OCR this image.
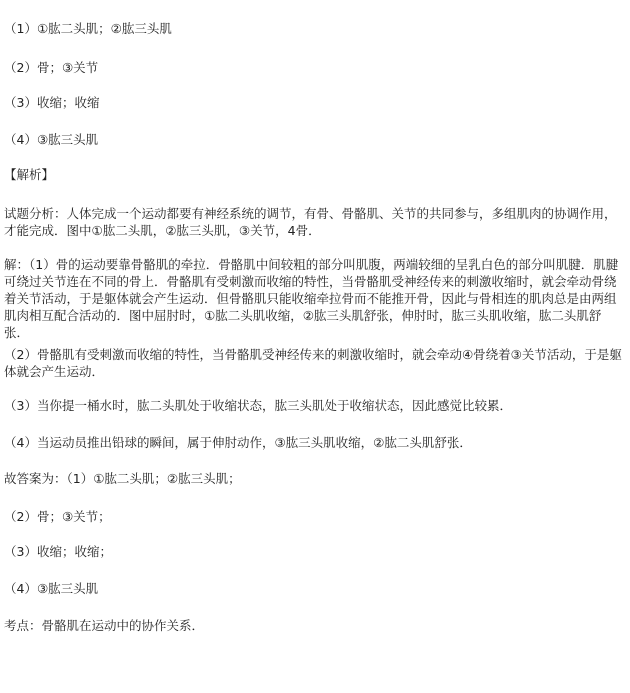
（1）①肱二头肌；②肱三头肌
（2）骨；③关节
（3）收缩；收缩
（4）③肱三头肌
【解析】
试题分析：人体完成一个运动都要有神经系统的调节，有骨、骨骼肌、关节的共同参与，多组肌肉的协调作用，才能完成．图中①肱二头肌，②肱三头肌，③关节，4骨．
解：（1）骨的运动要靠骨骼肌的牵拉．骨骼肌中间较粗的部分叫肌腹，两端较细的呈乳白色的部分叫肌腱．肌腱可绕过关节连在不同的骨上．骨骼肌有受刺激而收缩的特性，当骨骼肌受神经传来的刺激收缩时，就会牵动骨绕着关节活动，于是躯体就会产生运动．但骨骼肌只能收缩牵拉骨而不能推开骨，因此与骨相连的肌肉总是由两组肌肉相互配合活动的．图中屈肘时，①肱二头肌收缩，②肱三头肌舒张，伸肘时，肱三头肌收缩，肱二头肌舒张．
（2）骨骼肌有受刺激而收缩的特性，当骨骼肌受神经传来的刺激收缩时，就会牵动④骨绕着③关节活动，于是躯体就会产生运动．
（3）当你提一桶水时，肱二头肌处于收缩状态，肱三头肌处于收缩状态，因此感觉比较累．
（4）当运动员推出铅球的瞬间，属于伸肘动作，③肱三头肌收缩，②肱二头肌舒张．
故答案为：（1）①肱二头肌；②肱三头肌；
（2）骨；③关节；
（3）收缩；收缩；
（4）③肱三头肌
考点：骨骼肌在运动中的协作关系．
